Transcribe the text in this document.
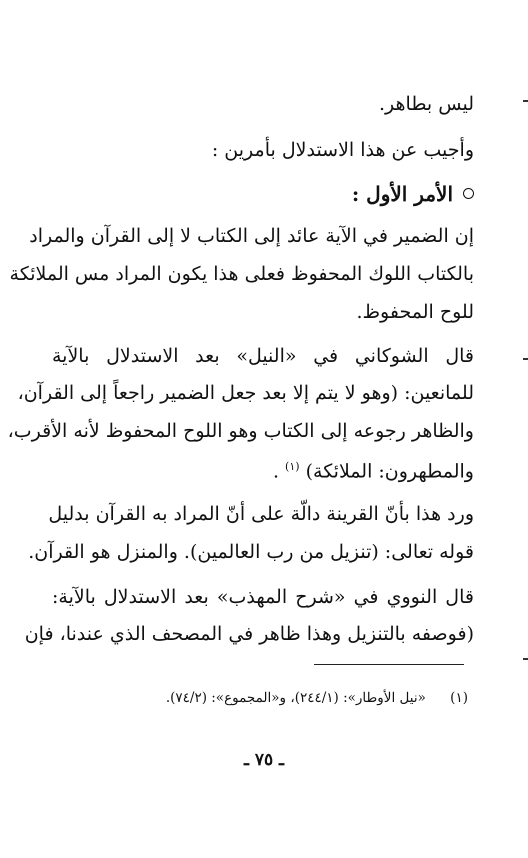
ليس بطاهر.
وأجيب عن هذا الاستدلال بأمرين :
الأمر الأول :
إن الضمير في الآية عائد إلى الكتاب لا إلى القرآن والمراد
بالكتاب اللوك المحفوظ فعلى هذا يكون المراد مس الملائكة
للوح المحفوظ.
قال الشوكاني في «النيل» بعد الاستدلال بالآية
للمانعين: (وهو لا يتم إلا بعد جعل الضمير راجعاً إلى القرآن،
والظاهر رجوعه إلى الكتاب وهو اللوح المحفوظ لأنه الأقرب،
والمطهرون: الملائكة) $^{(١)}$ .
ورد هذا بأنّ القرينة دالّة على أنّ المراد به القرآن بدليل
قوله تعالى: (تنزيل من رب العالمين). والمنزل هو القرآن.
قال النووي في «شرح المهذب» بعد الاستدلال بالآية:
(فوصفه بالتنزيل وهذا ظاهر في المصحف الذي عندنا، فإن
(١) «نيل الأوطار»: (٢٤٤/١)، و«المجموع»: (٧٤/٢).
ـ ٧٥ ـ
